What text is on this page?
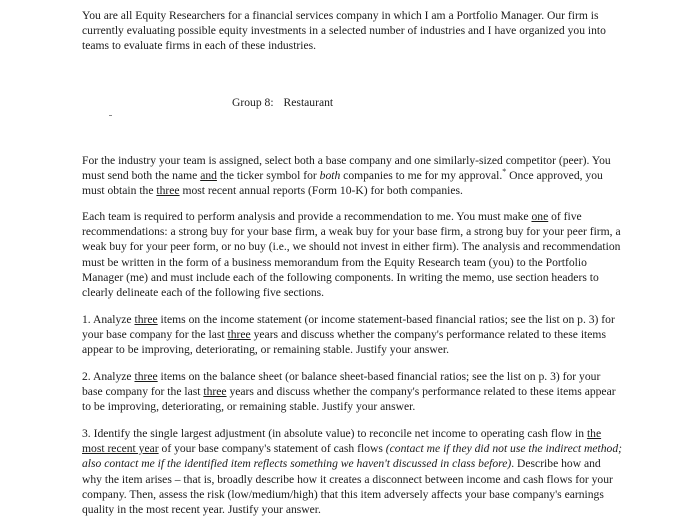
You are all Equity Researchers for a financial services company in which I am a Portfolio Manager. Our firm is currently evaluating possible equity investments in a selected number of industries and I have organized you into teams to evaluate firms in each of these industries.

Group 8: Restaurant

For the industry your team is assigned, select both a base company and one similarly-sized competitor (peer). You must send both the name and the ticker symbol for both companies to me for my approval.* Once approved, you must obtain the three most recent annual reports (Form 10-K) for both companies.

Each team is required to perform analysis and provide a recommendation to me. You must make one of five recommendations: a strong buy for your base firm, a weak buy for your base firm, a strong buy for your peer firm, a weak buy for your peer form, or no buy (i.e., we should not invest in either firm). The analysis and recommendation must be written in the form of a business memorandum from the Equity Research team (you) to the Portfolio Manager (me) and must include each of the following components. In writing the memo, use section headers to clearly delineate each of the following five sections.

1. Analyze three items on the income statement (or income statement-based financial ratios; see the list on p. 3) for your base company for the last three years and discuss whether the company's performance related to these items appear to be improving, deteriorating, or remaining stable. Justify your answer.

2. Analyze three items on the balance sheet (or balance sheet-based financial ratios; see the list on p. 3) for your base company for the last three years and discuss whether the company's performance related to these items appear to be improving, deteriorating, or remaining stable. Justify your answer.

3. Identify the single largest adjustment (in absolute value) to reconcile net income to operating cash flow in the most recent year of your base company's statement of cash flows (contact me if they did not use the indirect method; also contact me if the identified item reflects something we haven't discussed in class before). Describe how and why the item arises – that is, broadly describe how it creates a disconnect between income and cash flows for your company. Then, assess the risk (low/medium/high) that this item adversely affects your base company's earnings quality in the most recent year. Justify your answer.
